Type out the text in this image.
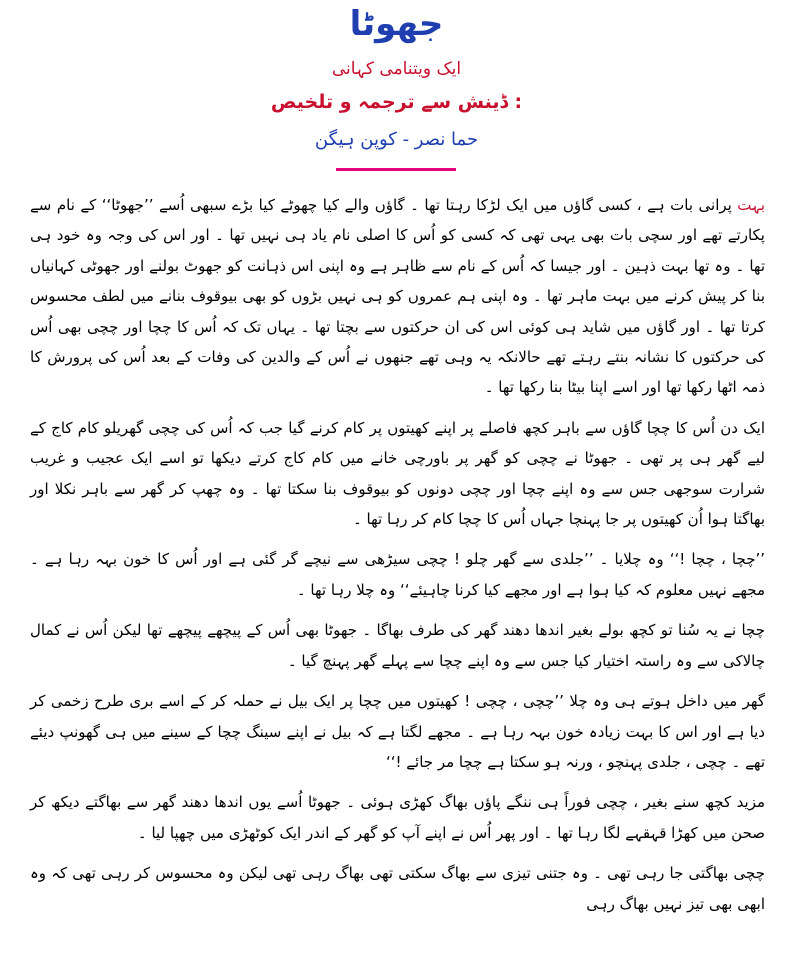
جھوٹا
ایک ویتنامی کہانی
ڈینش سے ترجمہ و تلخیص :
حما نصر - کوپن ہیگن

بہت پرانی بات ہے ، کسی گاؤں میں ایک لڑکا رہتا تھا ۔ گاؤں والے کیا چھوٹے کیا بڑے سبھی اُسے ’’جھوٹا‘‘ کے نام سے پکارتے تھے اور سچی بات بھی یہی تھی کہ کسی کو اُس کا اصلی نام یاد ہی نہیں تھا ۔ اور اس کی وجہ وہ خود ہی تھا ۔ وہ تھا بہت ذہین ۔ اور جیسا کہ اُس کے نام سے ظاہر ہے وہ اپنی اس ذہانت کو جھوٹ بولنے اور جھوٹی کہانیاں بنا کر پیش کرنے میں بہت ماہر تھا ۔ وہ اپنی ہم عمروں کو ہی نہیں بڑوں کو بھی بیوقوف بنانے میں لطف محسوس کرتا تھا ۔ اور گاؤں میں شاید ہی کوئی اس کی ان حرکتوں سے بچتا تھا ۔ یہاں تک کہ اُس کا چچا اور چچی بھی اُس کی حرکتوں کا نشانہ بنتے رہتے تھے حالانکہ یہ وہی تھے جنھوں نے اُس کے والدین کی وفات کے بعد اُس کی پرورش کا ذمہ اٹھا رکھا تھا اور اسے اپنا بیٹا بنا رکھا تھا ۔

ایک دن اُس کا چچا گاؤں سے باہر کچھ فاصلے پر اپنے کھیتوں پر کام کرنے گیا جب کہ اُس کی چچی گھریلو کام کاج کے لیے گھر ہی پر تھی ۔ جھوٹا نے چچی کو گھر پر باورچی خانے میں کام کاج کرتے دیکھا تو اسے ایک عجیب و غریب شرارت سوجھی جس سے وہ اپنے چچا اور چچی دونوں کو بیوقوف بنا سکتا تھا ۔ وہ چھپ کر گھر سے باہر نکلا اور بھاگتا ہوا اُن کھیتوں پر جا پہنچا جہاں اُس کا چچا کام کر رہا تھا ۔

’’چچا ، چچا !‘‘ وہ چلایا ۔ ’’جلدی سے گھر چلو ! چچی سیڑھی سے نیچے گر گئی ہے اور اُس کا خون بہہ رہا ہے ۔ مجھے نہیں معلوم کہ کیا ہوا ہے اور مجھے کیا کرنا چاہیئے‘‘ وہ چلا رہا تھا ۔

چچا نے یہ سُنا تو کچھ بولے بغیر اندھا دھند گھر کی طرف بھاگا ۔ جھوٹا بھی اُس کے پیچھے پیچھے تھا لیکن اُس نے کمال چالاکی سے وہ راستہ اختیار کیا جس سے وہ اپنے چچا سے پہلے گھر پہنچ گیا ۔

گھر میں داخل ہوتے ہی وہ چلا ’’چچی ، چچی ! کھیتوں میں چچا پر ایک بیل نے حملہ کر کے اسے بری طرح زخمی کر دیا ہے اور اس کا بہت زیادہ خون بہہ رہا ہے ۔ مجھے لگتا ہے کہ بیل نے اپنے سینگ چچا کے سینے میں ہی گھونپ دیئے تھے ۔ چچی ، جلدی پہنچو ، ورنہ ہو سکتا ہے چچا مر جائے !‘‘

مزید کچھ سنے بغیر ، چچی فوراً ہی ننگے پاؤں بھاگ کھڑی ہوئی ۔ جھوٹا اُسے یوں اندھا دھند گھر سے بھاگتے دیکھ کر صحن میں کھڑا قہقہے لگا رہا تھا ۔ اور پھر اُس نے اپنے آپ کو گھر کے اندر ایک کوٹھڑی میں چھپا لیا ۔

چچی بھاگتی جا رہی تھی ۔ وہ جتنی تیزی سے بھاگ سکتی تھی بھاگ رہی تھی لیکن وہ محسوس کر رہی تھی کہ وہ ابھی بھی تیز نہیں بھاگ رہی
